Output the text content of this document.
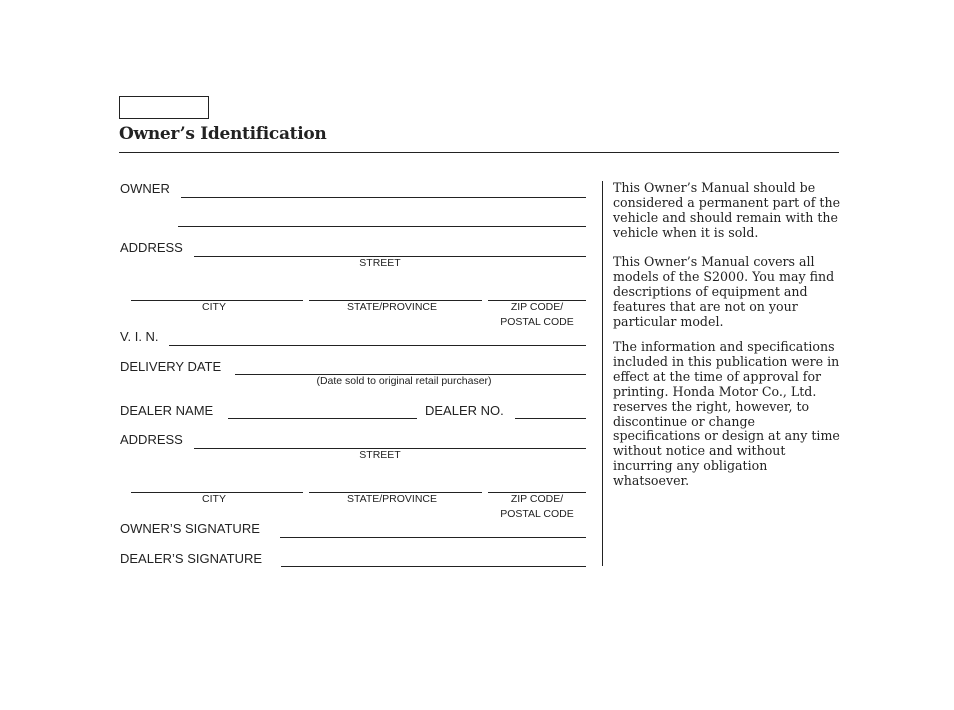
Owner’s Identification
OWNER
ADDRESS
STREET
CITY	STATE/PROVINCE	ZIP CODE/
POSTAL CODE
V. I. N.
DELIVERY DATE
(Date sold to original retail purchaser)
DEALER NAME	DEALER NO.
ADDRESS
STREET
CITY	STATE/PROVINCE	ZIP CODE/
POSTAL CODE
OWNER’S SIGNATURE
DEALER’S SIGNATURE
This Owner’s Manual should be considered a permanent part of the vehicle and should remain with the vehicle when it is sold.
This Owner’s Manual covers all models of the S2000. You may find descriptions of equipment and features that are not on your particular model.
The information and specifications included in this publication were in effect at the time of approval for printing. Honda Motor Co., Ltd. reserves the right, however, to discontinue or change specifications or design at any time without notice and without incurring any obligation whatsoever.
